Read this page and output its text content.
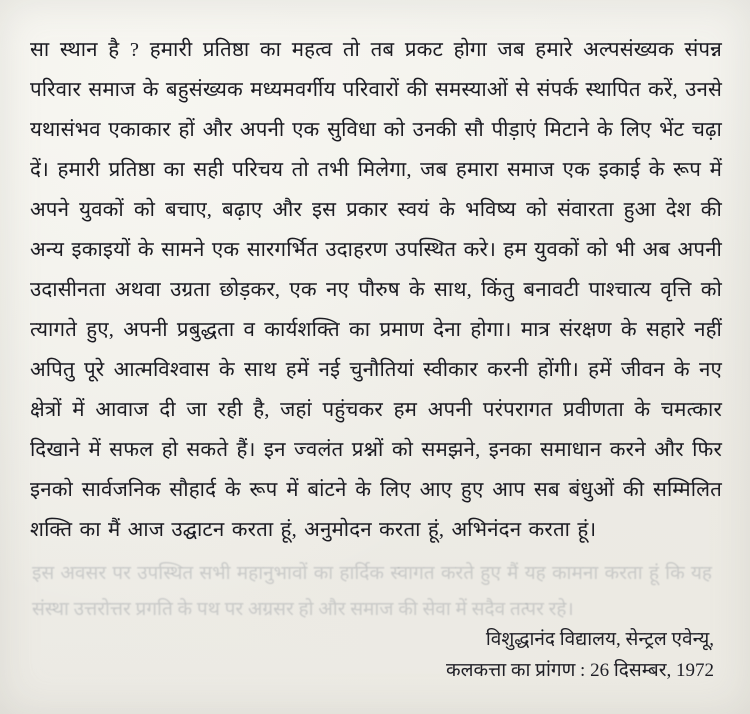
इस अवसर पर उपस्थित सभी महानुभावों का हार्दिक स्वागत करते हुए मैं यह कामना करता हूं कि यह संस्था उत्तरोत्तर प्रगति के पथ पर अग्रसर हो और समाज की सेवा में सदैव तत्पर रहे।
सा स्थान है ? हमारी प्रतिष्ठा का महत्व तो तब प्रकट होगा जब हमारे अल्पसंख्यक संपन्न परिवार समाज के बहुसंख्यक मध्यमवर्गीय परिवारों की समस्याओं से संपर्क स्थापित करें, उनसे यथासंभव एकाकार हों और अपनी एक सुविधा को उनकी सौ पीड़ाएं मिटाने के लिए भेंट चढ़ा दें। हमारी प्रतिष्ठा का सही परिचय तो तभी मिलेगा, जब हमारा समाज एक इकाई के रूप में अपने युवकों को बचाए, बढ़ाए और इस प्रकार स्वयं के भविष्य को संवारता हुआ देश की अन्य इकाइयों के सामने एक सारगर्भित उदाहरण उपस्थित करे। हम युवकों को भी अब अपनी उदासीनता अथवा उग्रता छोड़कर, एक नए पौरुष के साथ, किंतु बनावटी पाश्चात्य वृत्ति को त्यागते हुए, अपनी प्रबुद्धता व कार्यशक्ति का प्रमाण देना होगा। मात्र संरक्षण के सहारे नहीं अपितु पूरे आत्मविश्वास के साथ हमें नई चुनौतियां स्वीकार करनी होंगी। हमें जीवन के नए क्षेत्रों में आवाज दी जा रही है, जहां पहुंचकर हम अपनी परंपरागत प्रवीणता के चमत्कार दिखाने में सफल हो सकते हैं। इन ज्वलंत प्रश्नों को समझने, इनका समाधान करने और फिर इनको सार्वजनिक सौहार्द के रूप में बांटने के लिए आए हुए आप सब बंधुओं की सम्मिलित शक्ति का मैं आज उद्घाटन करता हूं, अनुमोदन करता हूं, अभिनंदन करता हूं।
विशुद्धानंद विद्यालय, सेन्ट्रल एवेन्यू,
कलकत्ता का प्रांगण : 26 दिसम्बर, 1972
